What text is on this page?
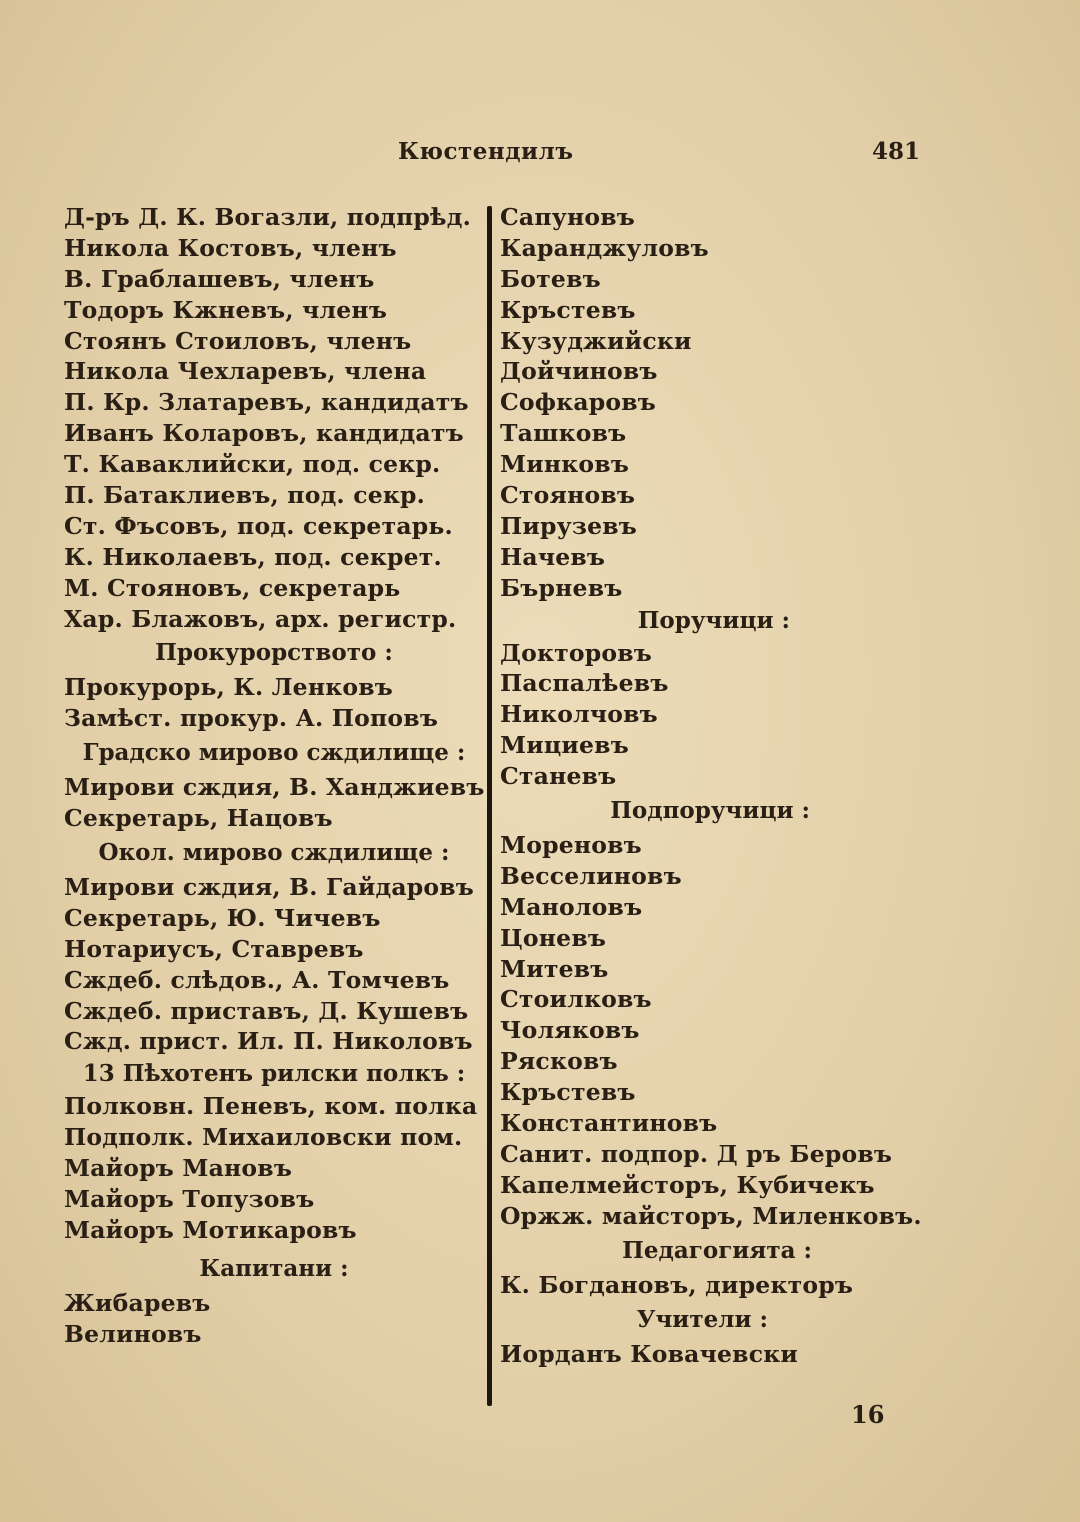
Кюстендилъ	481
Д-ръ Д. К. Вогазли, подпрѣд.
Никола Костовъ, членъ
В. Граблашевъ, членъ
Тодоръ Кжневъ, членъ
Стоянъ Стоиловъ, членъ
Никола Чехларевъ, члена
П. Кр. Златаревъ, кандидатъ
Иванъ Коларовъ, кандидатъ
Т. Каваклийски, под. секр.
П. Батаклиевъ, под. секр.
Ст. Фъсовъ, под. секретарь.
К. Николаевъ, под. секрет.
М. Стояновъ, секретарь
Хар. Блажовъ, арх. регистр.
Прокурорството :
Прокурорь, К. Ленковъ
Замѣст. прокур. А. Поповъ
Градско мирово сждилище :
Мирови сждия, В. Ханджиевъ
Секретарь, Нацовъ
Окол. мирово сждилище :
Мирови сждия, В. Гайдаровъ
Секретарь, Ю. Чичевъ
Нотариусъ, Ставревъ
Сждеб. слѣдов., А. Томчевъ
Сждеб. приставъ, Д. Кушевъ
Сжд. прист. Ил. П. Николовъ
13 Пѣхотенъ рилски полкъ :
Полковн. Пеневъ, ком. полка
Подполк. Михаиловски пом.
Майоръ Мановъ
Майоръ Топузовъ
Майоръ Мотикаровъ
Капитани :
Жибаревъ
Велиновъ
Сапуновъ
Каранджуловъ
Ботевъ
Кръстевъ
Кузуджийски
Дойчиновъ
Софкаровъ
Ташковъ
Минковъ
Стояновъ
Пирузевъ
Начевъ
Бърневъ
Поручици :
Докторовъ
Паспалѣевъ
Николчовъ
Мициевъ
Станевъ
Подпоручици :
Мореновъ
Весселиновъ
Маноловъ
Цоневъ
Митевъ
Стоилковъ
Чоляковъ
Рясковъ
Кръстевъ
Константиновъ
Санит. подпор. Д ръ Беровъ
Капелмейсторъ, Кубичекъ
Оржж. майсторъ, Миленковъ.
Педагогията :
К. Богдановъ, директоръ
Учители :
Иорданъ Ковачевски
16
